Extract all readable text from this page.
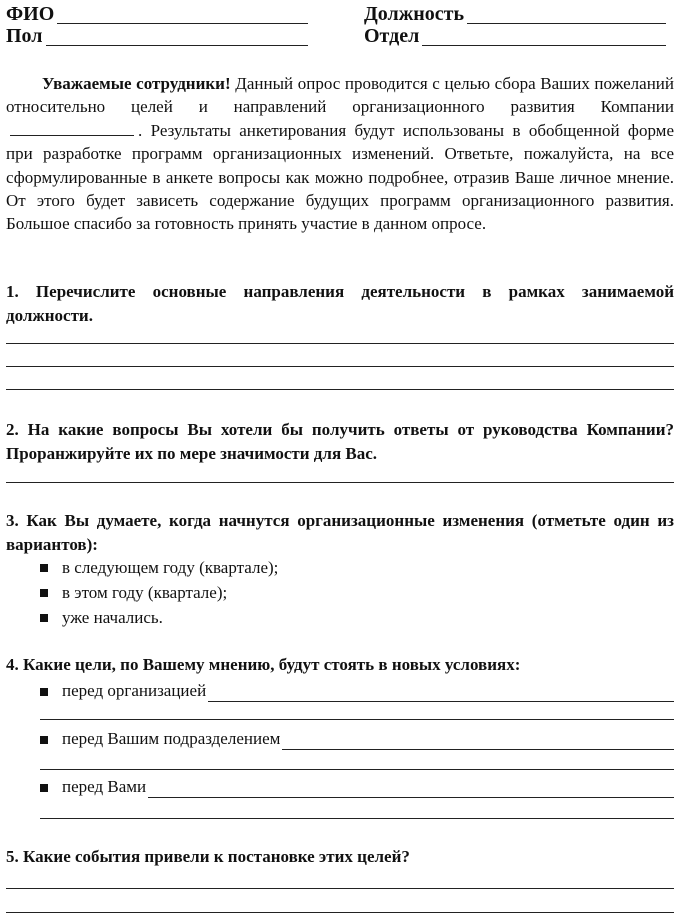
ФИО	Должность
Пол	Отдел
Уважаемые сотрудники! Данный опрос проводится с целью сбора Ваших пожеланий относительно целей и направлений организационного развития Компании. Результаты анкетирования будут использованы в обобщенной форме при разработке программ организационных изменений. Ответьте, пожалуйста, на все сформулированные в анкете вопросы как можно подробнее, отразив Ваше личное мнение. От этого будет зависеть содержание будущих программ организационного развития. Большое спасибо за готовность принять участие в данном опросе.
1. Перечислите основные направления деятельности в рамках занимаемой должности.
2. На какие вопросы Вы хотели бы получить ответы от руководства Компании? Проранжируйте их по мере значимости для Вас.
3. Как Вы думаете, когда начнутся организационные изменения (отметьте один из вариантов):
в следующем году (квартале);
в этом году (квартале);
уже начались.
4. Какие цели, по Вашему мнению, будут стоять в новых условиях:
перед организацией
перед Вашим подразделением
перед Вами
5. Какие события привели к постановке этих целей?
